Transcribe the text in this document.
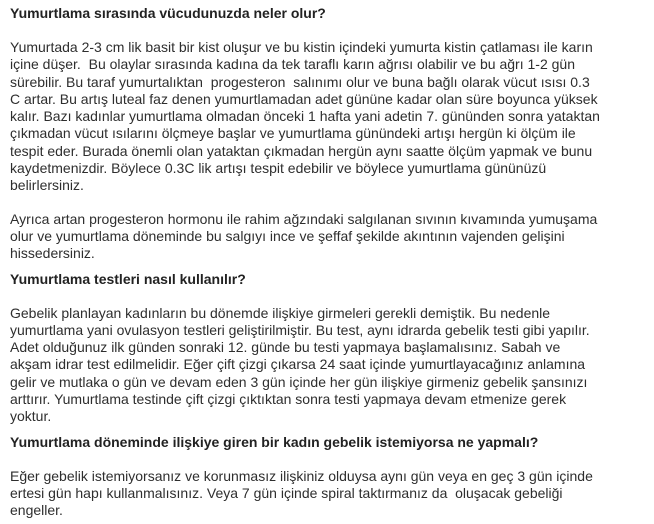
Yumurtlama sırasında vücudunuzda neler olur?
Yumurtada 2-3 cm lik basit bir kist oluşur ve bu kistin içindeki yumurta kistin çatlaması ile karın
içine düşer.  Bu olaylar sırasında kadına da tek taraflı karın ağrısı olabilir ve bu ağrı 1-2 gün
sürebilir. Bu taraf yumurtalıktan  progesteron  salınımı olur ve buna bağlı olarak vücut ısısı 0.3
C artar. Bu artış luteal faz denen yumurtlamadan adet gününe kadar olan süre boyunca yüksek
kalır. Bazı kadınlar yumurtlama olmadan önceki 1 hafta yani adetin 7. gününden sonra yataktan
çıkmadan vücut ısılarını ölçmeye başlar ve yumurtlama günündeki artışı hergün ki ölçüm ile
tespit eder. Burada önemli olan yataktan çıkmadan hergün aynı saatte ölçüm yapmak ve bunu
kaydetmenizdir. Böylece 0.3C lik artışı tespit edebilir ve böylece yumurtlama gününüzü
belirlersiniz.
Ayrıca artan progesteron hormonu ile rahim ağzındaki salgılanan sıvının kıvamında yumuşama
olur ve yumurtlama döneminde bu salgıyı ince ve şeffaf şekilde akıntının vajenden gelişini
hissedersiniz.
Yumurtlama testleri nasıl kullanılır?
Gebelik planlayan kadınların bu dönemde ilişkiye girmeleri gerekli demiştik. Bu nedenle
yumurtlama yani ovulasyon testleri geliştirilmiştir. Bu test, aynı idrarda gebelik testi gibi yapılır.
Adet olduğunuz ilk günden sonraki 12. günde bu testi yapmaya başlamalısınız. Sabah ve
akşam idrar test edilmelidir. Eğer çift çizgi çıkarsa 24 saat içinde yumurtlayacağınız anlamına
gelir ve mutlaka o gün ve devam eden 3 gün içinde her gün ilişkiye girmeniz gebelik şansınızı
arttırır. Yumurtlama testinde çift çizgi çıktıktan sonra testi yapmaya devam etmenize gerek
yoktur.
Yumurtlama döneminde ilişkiye giren bir kadın gebelik istemiyorsa ne yapmalı?
Eğer gebelik istemiyorsanız ve korunmasız ilişkiniz olduysa aynı gün veya en geç 3 gün içinde
ertesi gün hapı kullanmalısınız. Veya 7 gün içinde spiral taktırmanız da  oluşacak gebeliği
engeller.
